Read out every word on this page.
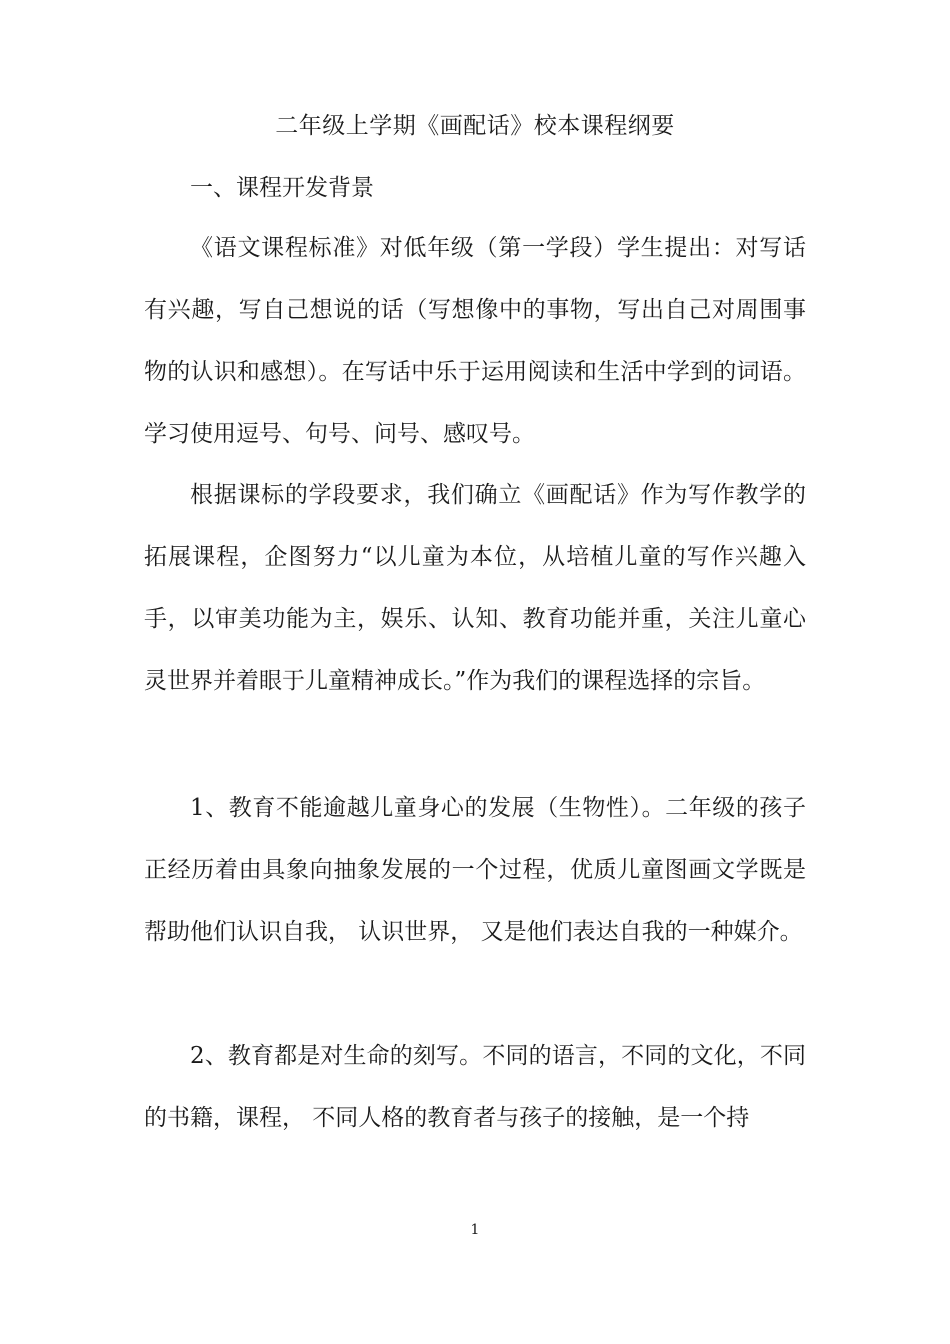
二年级上学期《画配话》校本课程纲要
一、课程开发背景

《语文课程标准》对低年级（第一学段）学生提出：对写话有兴趣，写自己想说的话（写想像中的事物，写出自己对周围事物的认识和感想）。在写话中乐于运用阅读和生活中学到的词语。学习使用逗号、句号、问号、感叹号。

根据课标的学段要求，我们确立《画配话》作为写作教学的拓展课程，企图努力“以儿童为本位，从培植儿童的写作兴趣入手，以审美功能为主，娱乐、认知、教育功能并重，关注儿童心灵世界并着眼于儿童精神成长。”作为我们的课程选择的宗旨。

1、教育不能逾越儿童身心的发展（生物性）。二年级的孩子正经历着由具象向抽象发展的一个过程，优质儿童图画文学既是帮助他们认识自我， 认识世界， 又是他们表达自我的一种媒介。

2、教育都是对生命的刻写。不同的语言，不同的文化，不同的书籍，课程， 不同人格的教育者与孩子的接触，是一个持

1
